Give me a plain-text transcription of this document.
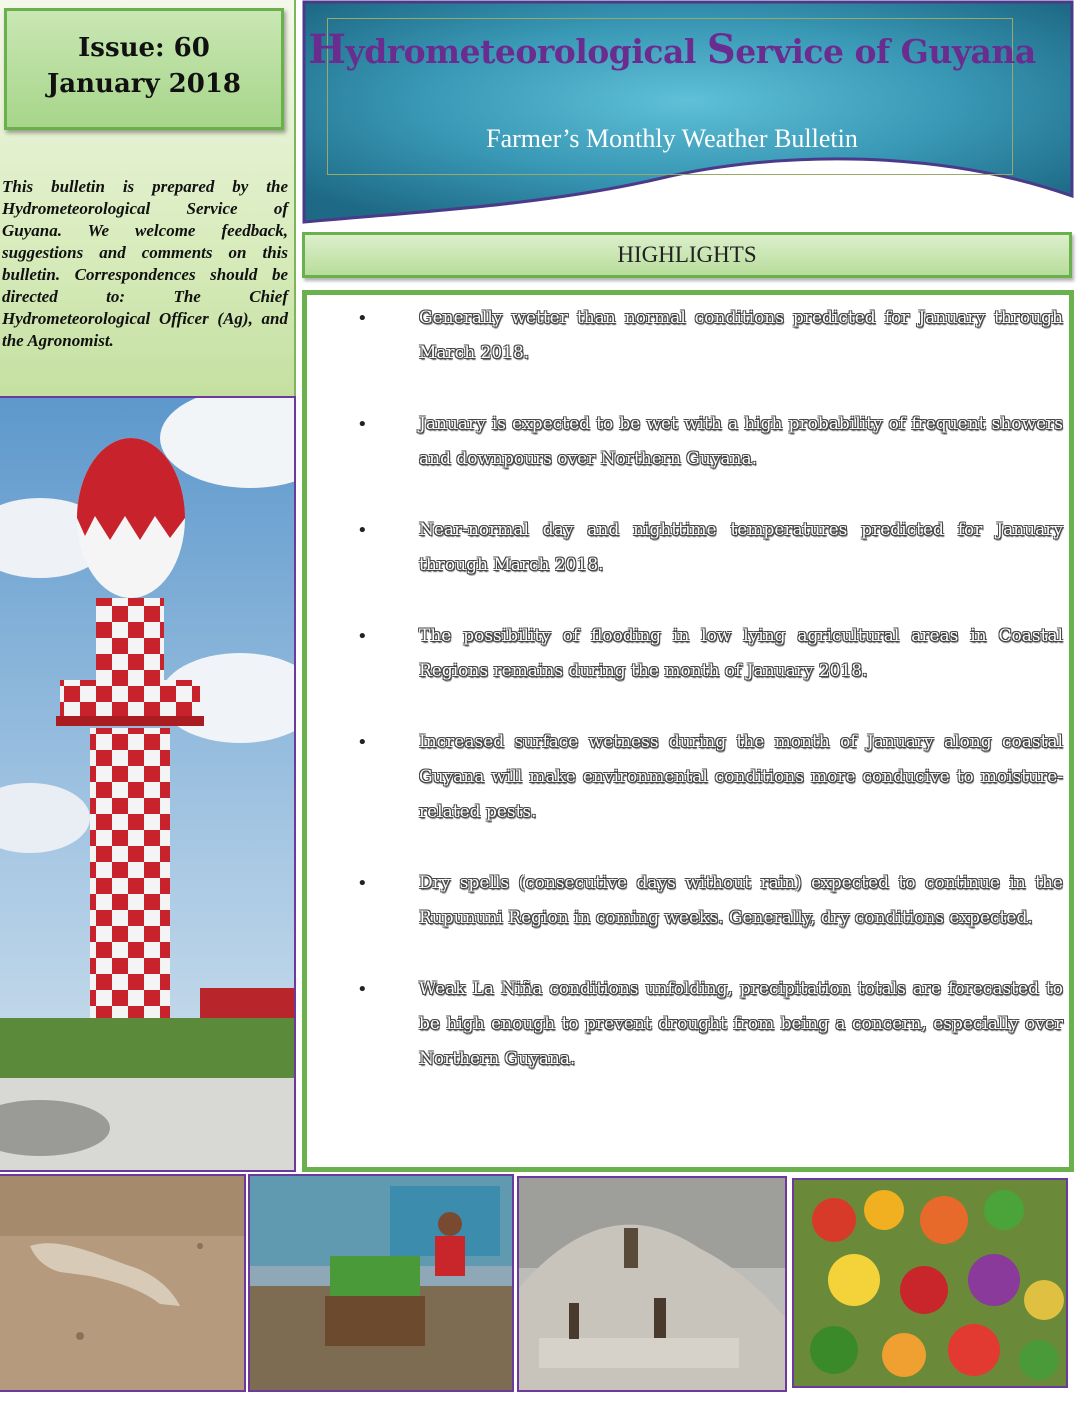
Issue: 60
January 2018
This bulletin is prepared by the Hydrometeorological Service of Guyana. We welcome feedback, suggestions and comments on this bulletin. Correspondences should be directed to: The Chief Hydrometeorological Officer (Ag), and the Agronomist.
Hydrometeorological Service of Guyana
Farmer’s Monthly Weather Bulletin
HIGHLIGHTS
•	Generally wetter than normal conditions predicted for January through March 2018.
•	January is expected to be wet with a high probability of frequent showers and downpours over Northern Guyana.
•	Near-normal day and nighttime temperatures predicted for January through March 2018.
•	The possibility of flooding in low lying agricultural areas in Coastal Regions remains during the month of January 2018.
•	Increased surface wetness during the month of January along coastal Guyana will make environmental conditions more conducive to moisture-related pests.
•	Dry spells (consecutive days without rain) expected to continue in the Rupununi Region in coming weeks. Generally, dry conditions expected.
•	Weak La Niña conditions unfolding, precipitation totals are forecasted to be high enough to prevent drought from being a concern, especially over Northern Guyana.
